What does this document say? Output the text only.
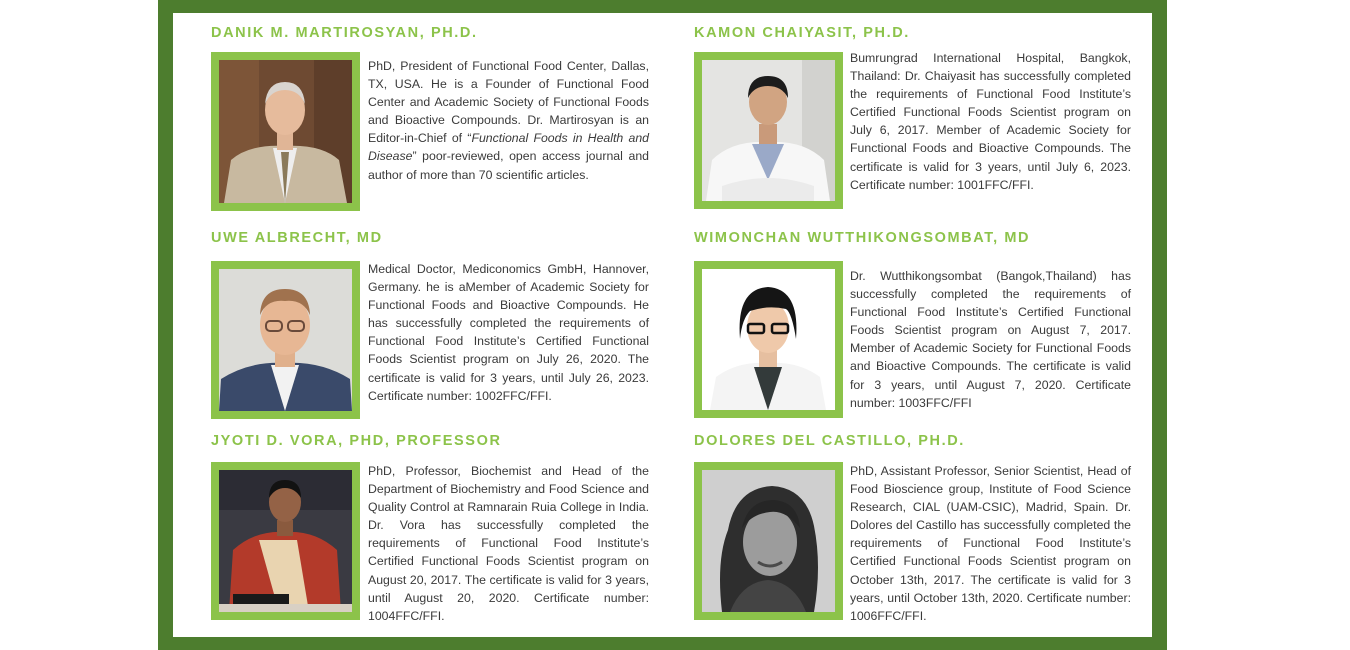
DANIK M. MARTIROSYAN, PH.D.

PhD, President of Functional Food Center, Dallas, TX, USA. He is a Founder of Functional Food Center and Academic Society of Functional Foods and Bioactive Compounds. Dr. Martirosyan is an Editor-in-Chief of “Functional Foods in Health and Disease” poor-reviewed, open access journal and author of more than 70 scientific articles.

KAMON CHAIYASIT, PH.D.

Bumrungrad International Hospital, Bangkok, Thailand: Dr. Chaiyasit has successfully completed the requirements of Functional Food Institute’s Certified Functional Foods Scientist program on July 6, 2017. Member of Academic Society for Functional Foods and Bioactive Compounds. The certificate is valid for 3 years, until July 6, 2023. Certificate number: 1001FFC/FFI.

UWE ALBRECHT, MD

Medical Doctor, Mediconomics GmbH, Hannover, Germany. he is aMember of Academic Society for Functional Foods and Bioactive Compounds. He has successfully completed the requirements of Functional Food Institute’s Certified Functional Foods Scientist program on July 26, 2020. The certificate is valid for 3 years, until July 26, 2023. Certificate number: 1002FFC/FFI.

WIMONCHAN WUTTHIKONGSOMBAT, MD

Dr. Wutthikongsombat (Bangok,Thailand) has successfully completed the requirements of Functional Food Institute’s Certified Functional Foods Scientist program on August 7, 2017. Member of Academic Society for Functional Foods and Bioactive Compounds. The certificate is valid for 3 years, until August 7, 2020. Certificate number: 1003FFC/FFI

JYOTI D. VORA, PHD, PROFESSOR

PhD, Professor, Biochemist and Head of the Department of Biochemistry and Food Science and Quality Control at Ramnarain Ruia College in India. Dr. Vora has successfully completed the requirements of Functional Food Institute’s Certified Functional Foods Scientist program on August 20, 2017. The certificate is valid for 3 years, until August 20, 2020. Certificate number: 1004FFC/FFI.

DOLORES DEL CASTILLO, PH.D.

PhD, Assistant Professor, Senior Scientist, Head of Food Bioscience group, Institute of Food Science Research, CIAL (UAM-CSIC), Madrid, Spain. Dr. Dolores del Castillo has successfully completed the requirements of Functional Food Institute’s Certified Functional Foods Scientist program on October 13th, 2017. The certificate is valid for 3 years, until October 13th, 2020. Certificate number: 1006FFC/FFI.
